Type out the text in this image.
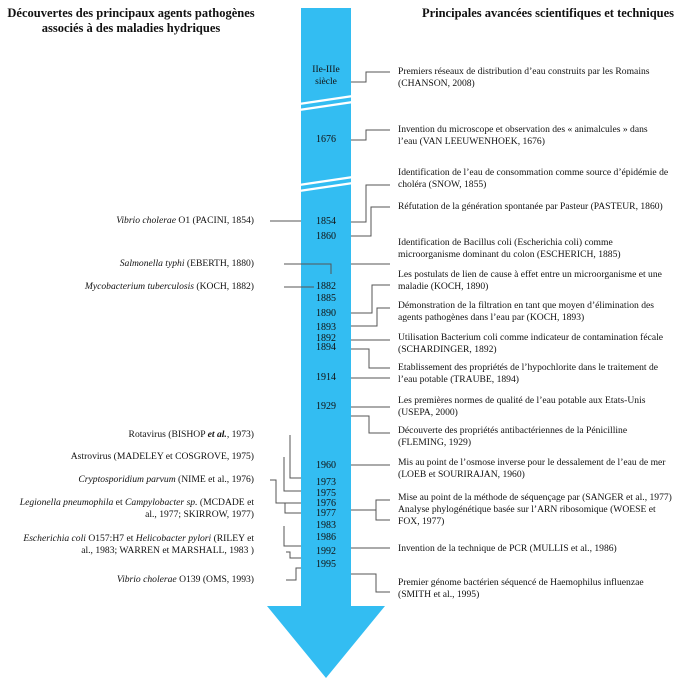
Découvertes des principaux agents pathogènes
associés à des maladies hydriques
Principales avancées scientifiques et techniques
IIe-IIIe
siècle
1676
1854
1860
1882
1885
1890
1893
1892
1894
1914
1929
1960
1973
1975
1976
1977
1983
1986
1992
1995
Vibrio cholerae O1 (PACINI, 1854)
Salmonella typhi (EBERTH, 1880)
Mycobacterium tuberculosis (KOCH, 1882)
Rotavirus (BISHOP et al., 1973)
Astrovirus (MADELEY et COSGROVE, 1975)
Cryptosporidium parvum (NIME et al., 1976)
Legionella pneumophila et Campylobacter sp. (MCDADE et
al., 1977; SKIRROW, 1977)
Escherichia coli O157:H7 et Helicobacter pylori (RILEY et
al., 1983; WARREN et MARSHALL, 1983 )
Vibrio cholerae O139 (OMS, 1993)
Premiers réseaux de distribution d’eau construits par les Romains
(CHANSON, 2008)
Invention du microscope et observation des « animalcules » dans
l’eau (VAN LEEUWENHOEK, 1676)
Identification de l’eau de consommation comme source d’épidémie de
choléra (SNOW, 1855)
Réfutation de la génération spontanée par Pasteur (PASTEUR, 1860)
Identification de Bacillus coli (Escherichia coli) comme
microorganisme dominant du colon (ESCHERICH, 1885)
Les postulats de lien de cause à effet entre un microorganisme et une
maladie (KOCH, 1890)
Démonstration de la filtration en tant que moyen d’élimination des
agents pathogènes dans l’eau par (KOCH, 1893)
Utilisation Bacterium coli comme indicateur de contamination fécale
(SCHARDINGER, 1892)
Etablissement des propriétés de l’hypochlorite dans le traitement de
l’eau potable (TRAUBE, 1894)
Les premières normes de qualité de l’eau potable aux Etats-Unis
(USEPA, 2000)
Découverte des propriétés antibactériennes de la Pénicilline
(FLEMING, 1929)
Mis au point de l’osmose inverse pour le dessalement de l’eau de mer
(LOEB et SOURIRAJAN, 1960)
Mise au point de la méthode de séquençage par (SANGER et al., 1977)
Analyse phylogénétique basée sur l’ARN ribosomique (WOESE et
FOX, 1977)
Invention de la technique de PCR (MULLIS et al., 1986)
Premier génome bactérien séquencé de Haemophilus influenzae
(SMITH et al., 1995)
